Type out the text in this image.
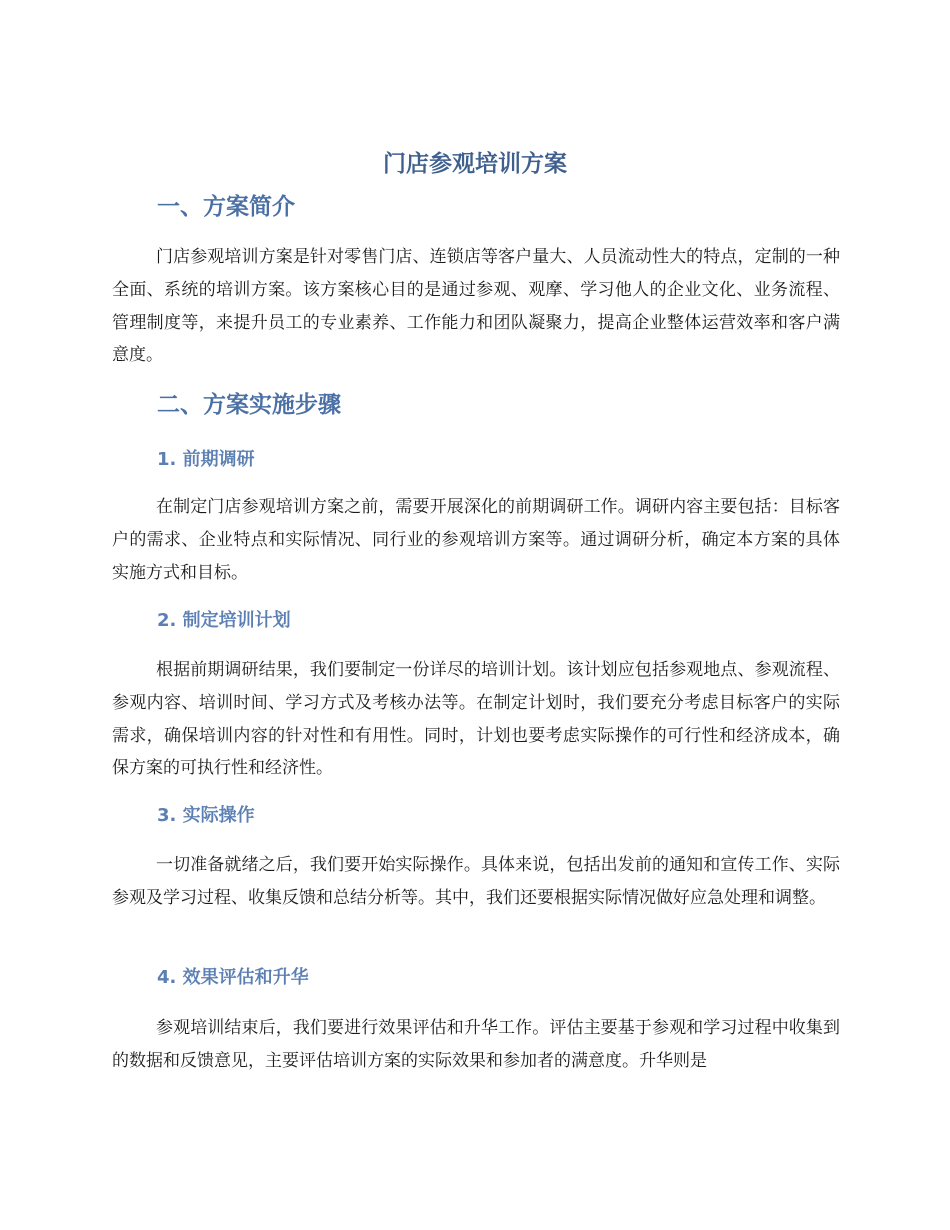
门店参观培训方案
一、方案简介

门店参观培训方案是针对零售门店、连锁店等客户量大、人员流动性大的特点，定制的一种全面、系统的培训方案。该方案核心目的是通过参观、观摩、学习他人的企业文化、业务流程、管理制度等，来提升员工的专业素养、工作能力和团队凝聚力，提高企业整体运营效率和客户满意度。

二、方案实施步骤
1. 前期调研

在制定门店参观培训方案之前，需要开展深化的前期调研工作。调研内容主要包括：目标客户的需求、企业特点和实际情况、同行业的参观培训方案等。通过调研分析，确定本方案的具体实施方式和目标。

2. 制定培训计划

根据前期调研结果，我们要制定一份详尽的培训计划。该计划应包括参观地点、参观流程、参观内容、培训时间、学习方式及考核办法等。在制定计划时，我们要充分考虑目标客户的实际需求，确保培训内容的针对性和有用性。同时，计划也要考虑实际操作的可行性和经济成本，确保方案的可执行性和经济性。

3. 实际操作

一切准备就绪之后，我们要开始实际操作。具体来说，包括出发前的通知和宣传工作、实际参观及学习过程、收集反馈和总结分析等。其中，我们还要根据实际情况做好应急处理和调整。

4. 效果评估和升华

参观培训结束后，我们要进行效果评估和升华工作。评估主要基于参观和学习过程中收集到的数据和反馈意见，主要评估培训方案的实际效果和参加者的满意度。升华则是
